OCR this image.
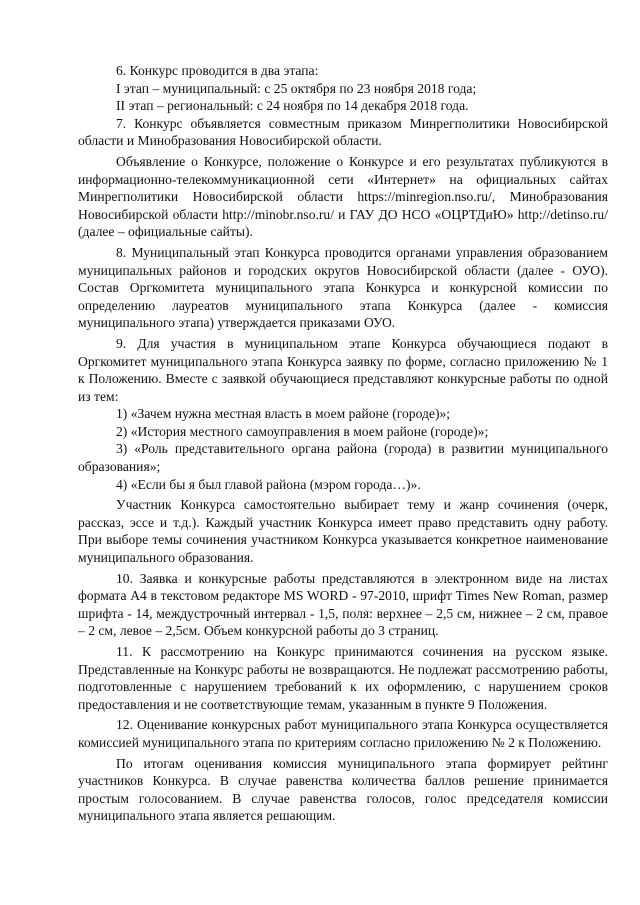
6. Конкурс проводится в два этапа:

I этап – муниципальный: с 25 октября по 23 ноября 2018 года;

II этап – региональный: с 24 ноября по 14 декабря 2018 года.

7. Конкурс объявляется совместным приказом Минрегполитики Новосибирской области и Минобразования Новосибирской области.

Объявление о Конкурсе, положение о Конкурсе и его результатах публикуются в информационно-телекоммуникационной сети «Интернет» на официальных сайтах Минрегполитики Новосибирской области https://minregion.nso.ru/, Минобразования Новосибирской области http://minobr.nso.ru/ и ГАУ ДО НСО «ОЦРТДиЮ» http://detinso.ru/ (далее – официальные сайты).

8. Муниципальный этап Конкурса проводится органами управления образованием муниципальных районов и городских округов Новосибирской области (далее - ОУО). Состав Оргкомитета муниципального этапа Конкурса и конкурсной комиссии по определению лауреатов муниципального этапа Конкурса (далее - комиссия муниципального этапа) утверждается приказами ОУО.

9. Для участия в муниципальном этапе Конкурса обучающиеся подают в Оргкомитет муниципального этапа Конкурса заявку по форме, согласно приложению № 1 к Положению. Вместе с заявкой обучающиеся представляют конкурсные работы по одной из тем:

1) «Зачем нужна местная власть в моем районе (городе)»;

2) «История местного самоуправления в моем районе (городе)»;

3) «Роль представительного органа района (города) в развитии муниципального образования»;

4) «Если бы я был главой района (мэром города…)».

Участник Конкурса самостоятельно выбирает тему и жанр сочинения (очерк, рассказ, эссе и т.д.). Каждый участник Конкурса имеет право представить одну работу. При выборе темы сочинения участником Конкурса указывается конкретное наименование муниципального образования.

10. Заявка и конкурсные работы представляются в электронном виде на листах формата А4 в текстовом редакторе MS WORD - 97-2010, шрифт Times New Roman, размер шрифта - 14, междустрочный интервал - 1,5, поля: верхнее – 2,5 см, нижнее – 2 см, правое – 2 см, левое – 2,5см. Объем конкурсной работы до 3 страниц.

11. К рассмотрению на Конкурс принимаются сочинения на русском языке. Представленные на Конкурс работы не возвращаются. Не подлежат рассмотрению работы, подготовленные с нарушением требований к их оформлению, с нарушением сроков предоставления и не соответствующие темам, указанным в пункте 9 Положения.

12. Оценивание конкурсных работ муниципального этапа Конкурса осуществляется комиссией муниципального этапа по критериям согласно приложению № 2 к Положению.

По итогам оценивания комиссия муниципального этапа формирует рейтинг участников Конкурса. В случае равенства количества баллов решение принимается простым голосованием. В случае равенства голосов, голос председателя комиссии муниципального этапа является решающим.
